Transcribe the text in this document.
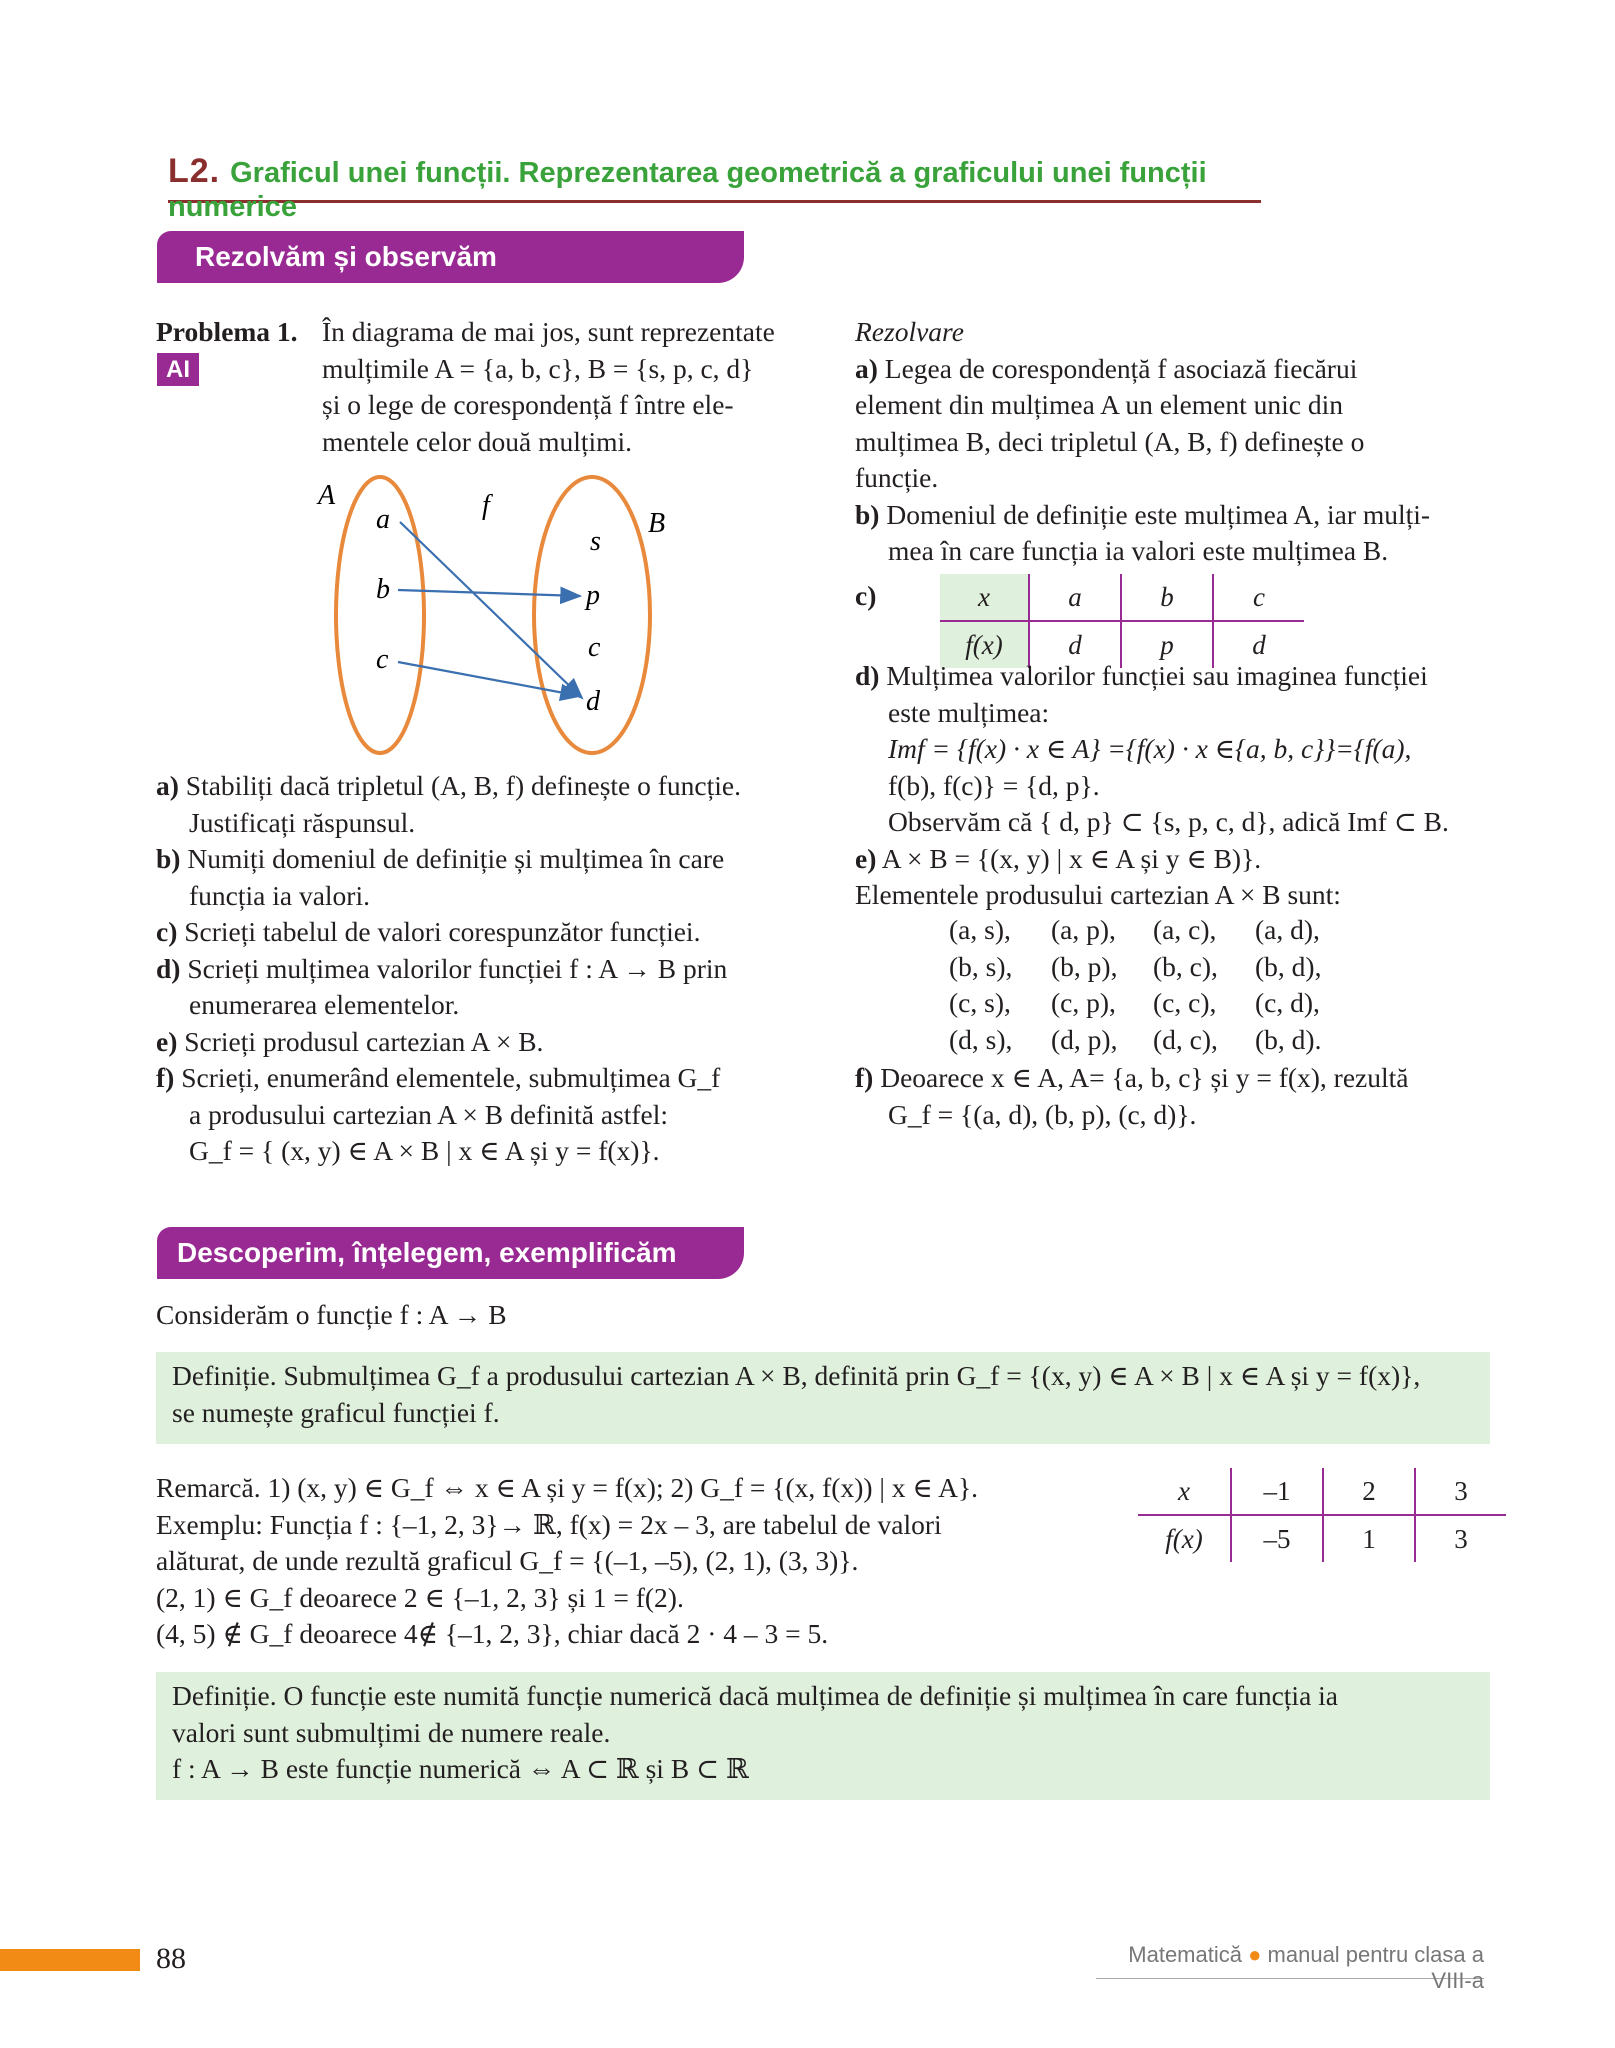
L2. Graficul unei funcții. Reprezentarea geometrică a graficului unei funcții numerice
Rezolvăm și observăm
Problema 1.
AI
În diagrama de mai jos, sunt reprezentate
mulțimile A = {a, b, c}, B = {s, p, c, d}
și o lege de corespondență f între ele-
mentele celor două mulțimi.
A	f
B
a
b
c
s
p
c
d
a) Stabiliți dacă tripletul (A, B, f) definește o funcție.
Justificați răspunsul.
b) Numiți domeniul de definiție și mulțimea în care
funcția ia valori.
c) Scrieți tabelul de valori corespunzător funcției.
d) Scrieți mulțimea valorilor funcției f : A → B prin
enumerarea elementelor.
e) Scrieți produsul cartezian A × B.
f) Scrieți, enumerând elementele, submulțimea G_f
a produsului cartezian A × B definită astfel:
G_f = { (x, y) ∈ A × B | x ∈ A și y = f(x)}.
Rezolvare
a) Legea de corespondență f asociază fiecărui
element din mulțimea A un element unic din
mulțimea B, deci tripletul (A, B, f) definește o
funcție.
b) Domeniul de definiție este mulțimea A, iar mulți-
mea în care funcția ia valori este mulțimea B.
c)	x	a	b	c
f(x)	d	p	d
d) Mulțimea valorilor funcției sau imaginea funcției
este mulțimea:
Imf = {f(x) · x ∈ A} ={f(x) · x ∈{a, b, c}}={f(a),
f(b), f(c)} = {d, p}.
Observăm că { d, p} ⊂ {s, p, c, d}, adică Imf ⊂ B.
e) A × B = {(x, y) | x ∈ A și y ∈ B)}.
Elementele produsului cartezian A × B sunt:
(a, s),	(a, p),	(a, c),	(a, d),
(b, s),	(b, p),	(b, c),	(b, d),
(c, s),	(c, p),	(c, c),	(c, d),
(d, s),	(d, p),	(d, c),	(b, d).
f) Deoarece x ∈ A, A= {a, b, c} și y = f(x), rezultă
G_f = {(a, d), (b, p), (c, d)}.
Descoperim, înțelegem, exemplificăm
Considerăm o funcție f : A → B
Definiție. Submulțimea G_f a produsului cartezian A × B, definită prin G_f = {(x, y) ∈ A × B | x ∈ A și y = f(x)},
se numește graficul funcției f.
Remarcă. 1) (x, y) ∈ G_f ⇔ x ∈ A și y = f(x); 2) G_f = {(x, f(x)) | x ∈ A}.
Exemplu: Funcția f : {–1, 2, 3}→ ℝ, f(x) = 2x – 3, are tabelul de valori
alăturat, de unde rezultă graficul G_f = {(–1, –5), (2, 1), (3, 3)}.
(2, 1) ∈ G_f deoarece 2 ∈ {–1, 2, 3} și 1 = f(2).
(4, 5) ∉ G_f deoarece 4∉ {–1, 2, 3}, chiar dacă 2 · 4 – 3 = 5.
x	–1	2	3
f(x)	–5	1	3
Definiție. O funcție este numită funcție numerică dacă mulțimea de definiție și mulțimea în care funcția ia
valori sunt submulțimi de numere reale.
f : A → B este funcție numerică ⇔ A ⊂ ℝ și B ⊂ ℝ
88	Matematică ● manual pentru clasa a VIII-a
